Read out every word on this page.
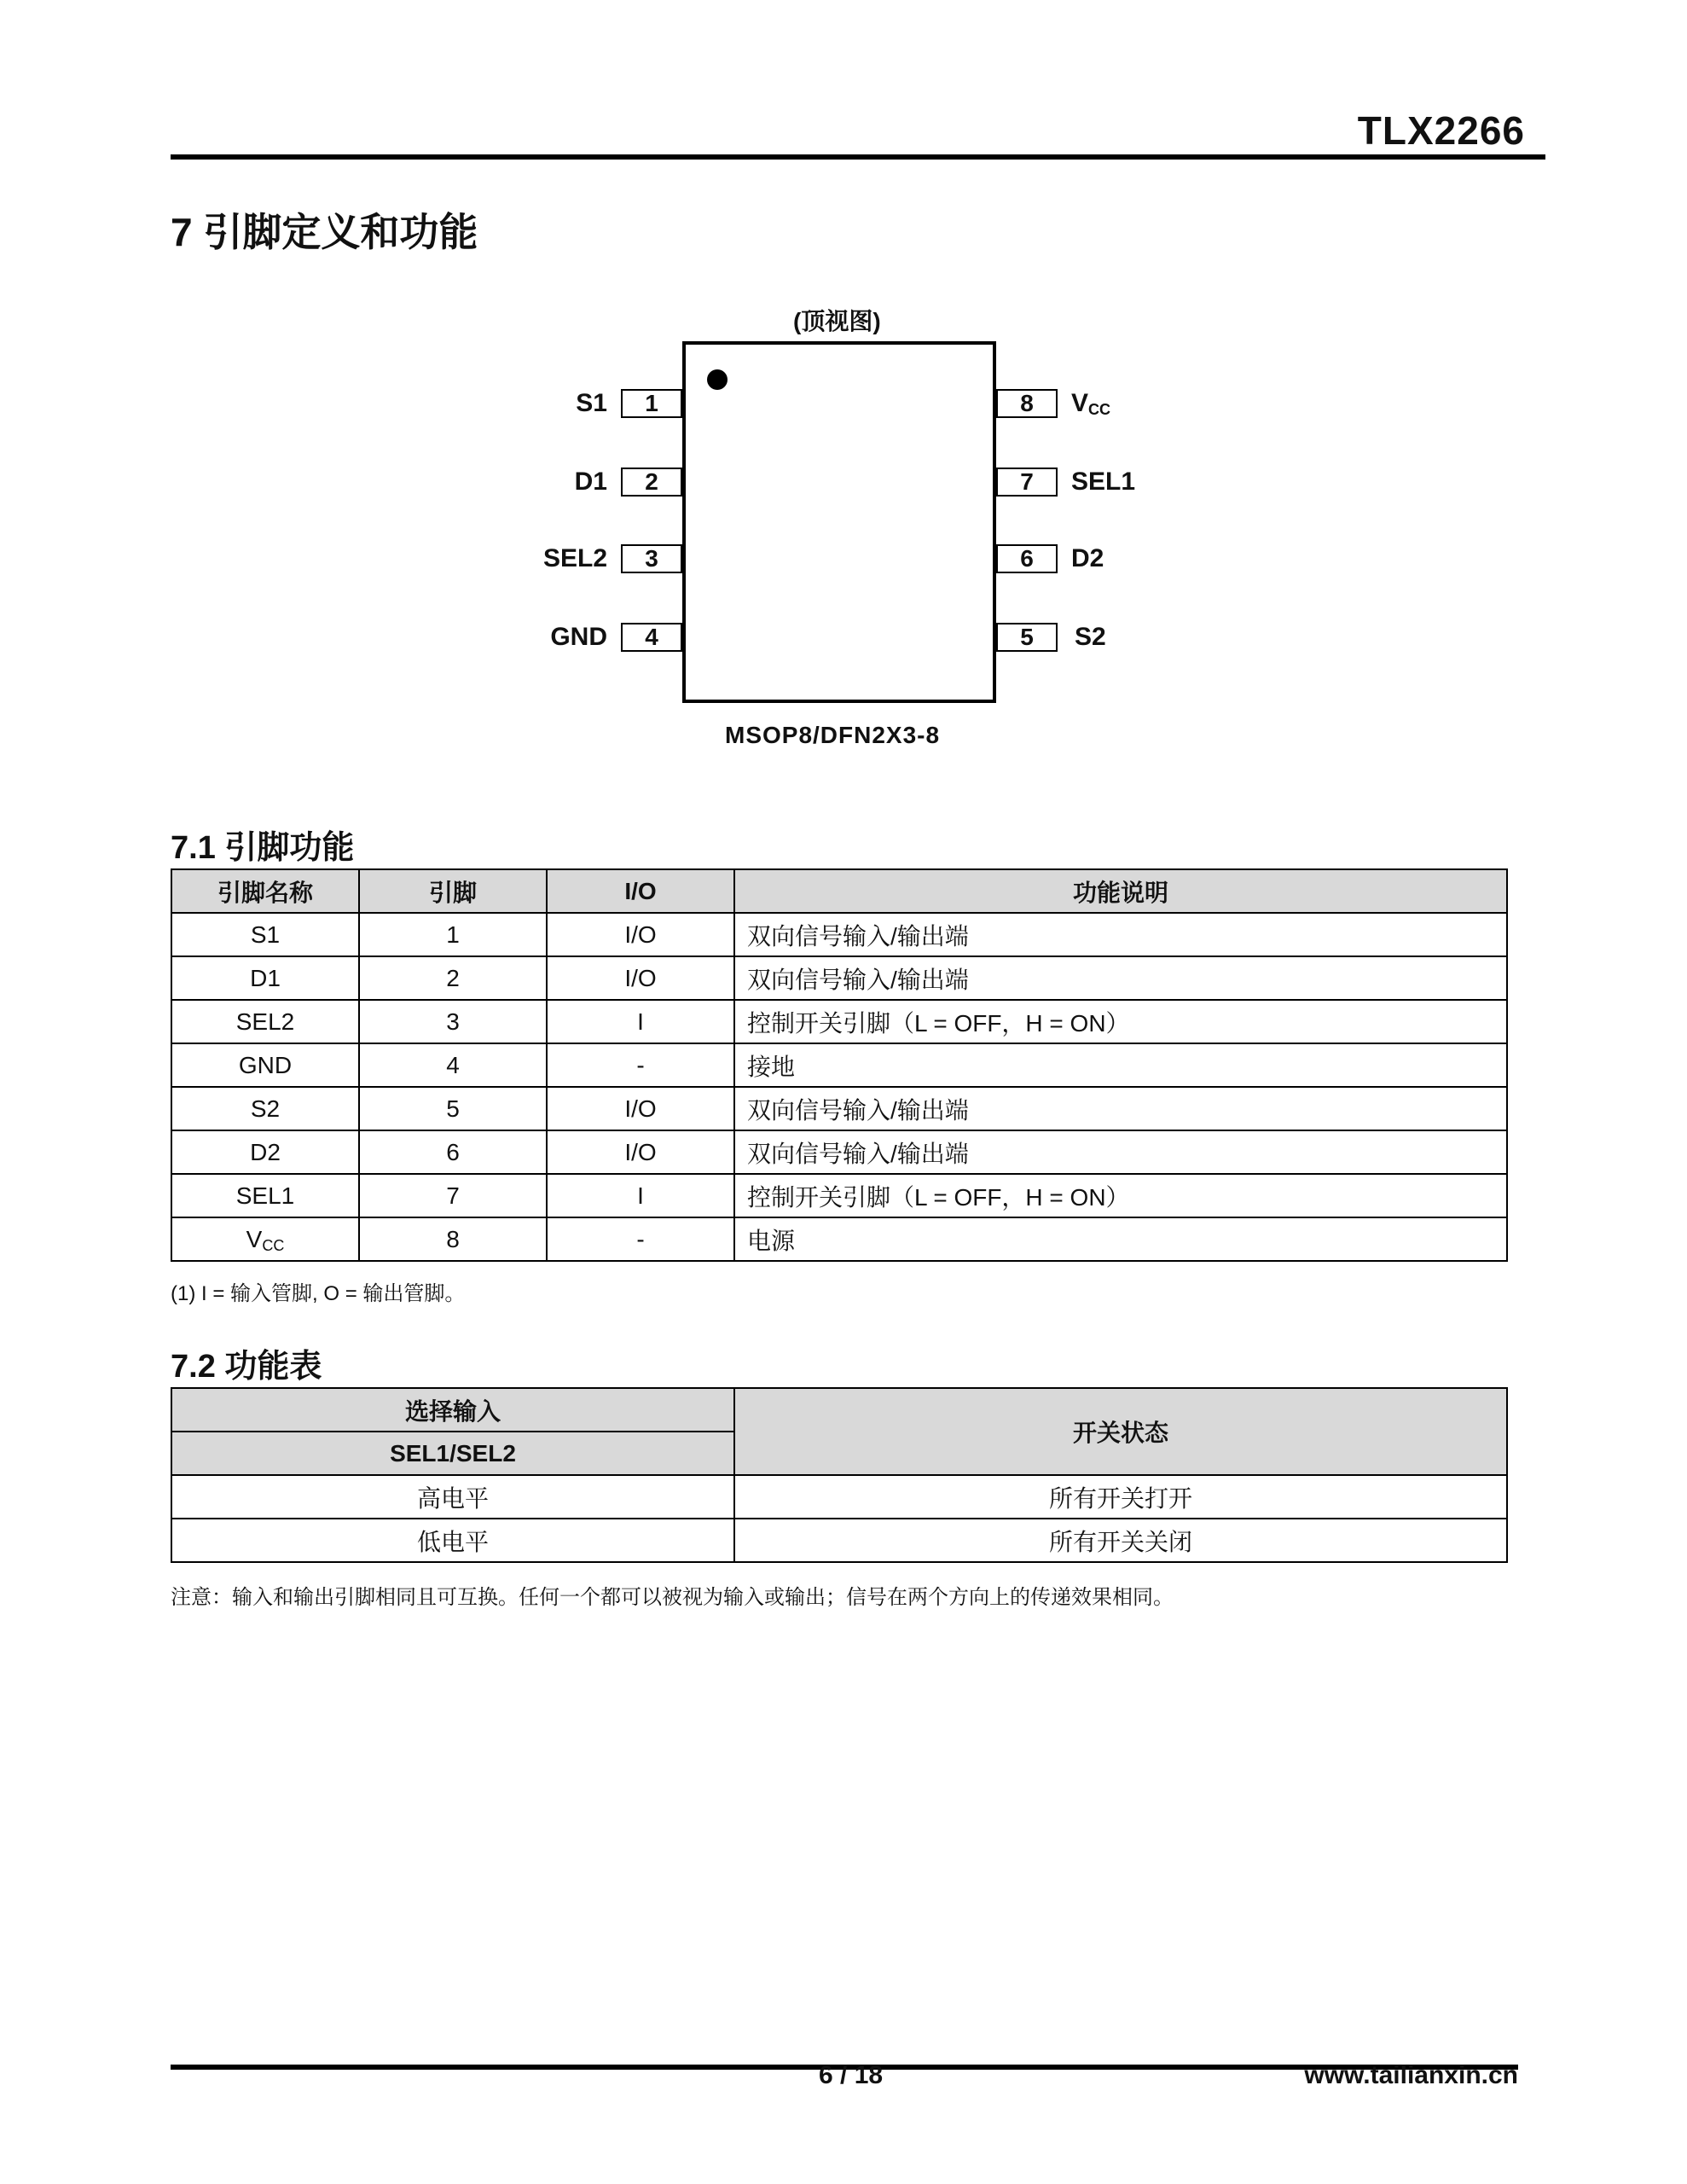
TLX2266
7 引脚定义和功能
(顶视图)
S1	1
D1	2
SEL2	3
GND	4
8	$V_{CC}$
7	SEL1
6	D2
5	S2
MSOP8/DFN2X3-8
7.1 引脚功能
引脚名称	引脚	I/O	功能说明
S1	1	I/O	双向信号输入/输出端
D1	2	I/O	双向信号输入/输出端
SEL2	3	I	控制开关引脚（L = OFF，H = ON）
GND	4	-	接地
S2	5	I/O	双向信号输入/输出端
D2	6	I/O	双向信号输入/输出端
SEL1	7	I	控制开关引脚（L = OFF，H = ON）
$V_{CC}$	8	-	电源
(1) I = 输入管脚, O = 输出管脚。
7.2 功能表
选择输入	开关状态
SEL1/SEL2	
高电平	所有开关打开
低电平	所有开关关闭
注意：输入和输出引脚相同且可互换。任何一个都可以被视为输入或输出；信号在两个方向上的传递效果相同。
6 / 18	www.tailianxin.cn
